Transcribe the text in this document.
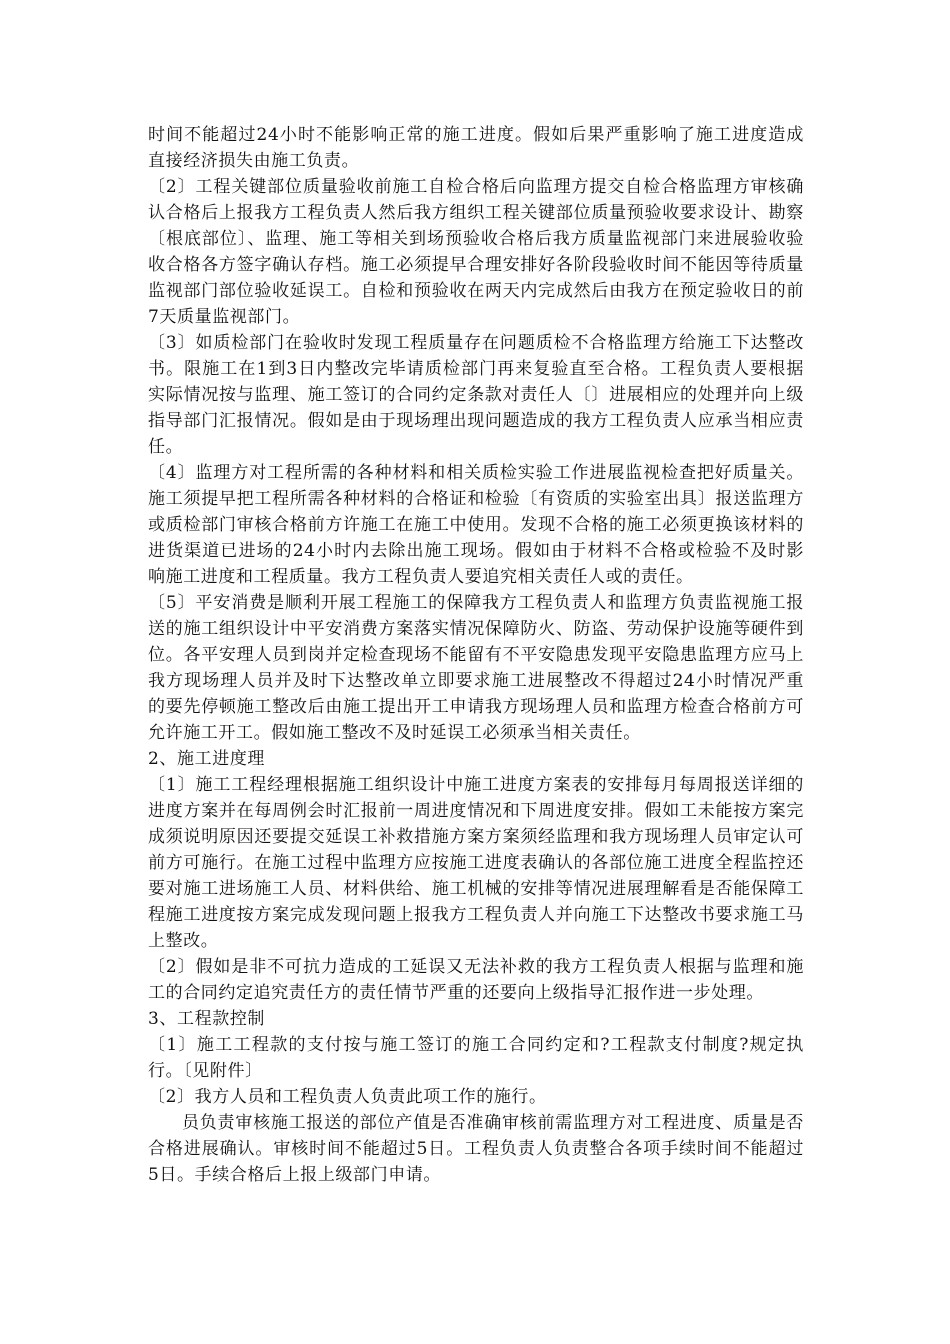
时间不能超过24小时不能影响正常的施工进度。假如后果严重影响了施工进度造成直接经济损失由施工负责。

〔2〕工程关键部位质量验收前施工自检合格后向监理方提交自检合格监理方审核确认合格后上报我方工程负责人然后我方组织工程关键部位质量预验收要求设计、勘察〔根底部位〕、监理、施工等相关到场预验收合格后我方质量监视部门来进展验收验收合格各方签字确认存档。施工必须提早合理安排好各阶段验收时间不能因等待质量监视部门部位验收延误工。自检和预验收在两天内完成然后由我方在预定验收日的前7天质量监视部门。

〔3〕如质检部门在验收时发现工程质量存在问题质检不合格监理方给施工下达整改书。限施工在1到3日内整改完毕请质检部门再来复验直至合格。工程负责人要根据实际情况按与监理、施工签订的合同约定条款对责任人〔〕进展相应的处理并向上级指导部门汇报情况。假如是由于现场理出现问题造成的我方工程负责人应承当相应责任。

〔4〕监理方对工程所需的各种材料和相关质检实验工作进展监视检查把好质量关。施工须提早把工程所需各种材料的合格证和检验〔有资质的实验室出具〕报送监理方或质检部门审核合格前方许施工在施工中使用。发现不合格的施工必须更换该材料的进货渠道已进场的24小时内去除出施工现场。假如由于材料不合格或检验不及时影响施工进度和工程质量。我方工程负责人要追究相关责任人或的责任。

〔5〕平安消费是顺利开展工程施工的保障我方工程负责人和监理方负责监视施工报送的施工组织设计中平安消费方案落实情况保障防火、防盗、劳动保护设施等硬件到位。各平安理人员到岗并定检查现场不能留有不平安隐患发现平安隐患监理方应马上我方现场理人员并及时下达整改单立即要求施工进展整改不得超过24小时情况严重的要先停顿施工整改后由施工提出开工申请我方现场理人员和监理方检查合格前方可允许施工开工。假如施工整改不及时延误工必须承当相关责任。

2、施工进度理

〔1〕施工工程经理根据施工组织设计中施工进度方案表的安排每月每周报送详细的进度方案并在每周例会时汇报前一周进度情况和下周进度安排。假如工未能按方案完成须说明原因还要提交延误工补救措施方案方案须经监理和我方现场理人员审定认可前方可施行。在施工过程中监理方应按施工进度表确认的各部位施工进度全程监控还要对施工进场施工人员、材料供给、施工机械的安排等情况进展理解看是否能保障工程施工进度按方案完成发现问题上报我方工程负责人并向施工下达整改书要求施工马上整改。

〔2〕假如是非不可抗力造成的工延误又无法补救的我方工程负责人根据与监理和施工的合同约定追究责任方的责任情节严重的还要向上级指导汇报作进一步处理。

3、工程款控制

〔1〕施工工程款的支付按与施工签订的施工合同约定和?工程款支付制度?规定执行。〔见附件〕

〔2〕我方人员和工程负责人负责此项工作的施行。

员负责审核施工报送的部位产值是否准确审核前需监理方对工程进度、质量是否合格进展确认。审核时间不能超过5日。工程负责人负责整合各项手续时间不能超过5日。手续合格后上报上级部门申请。
